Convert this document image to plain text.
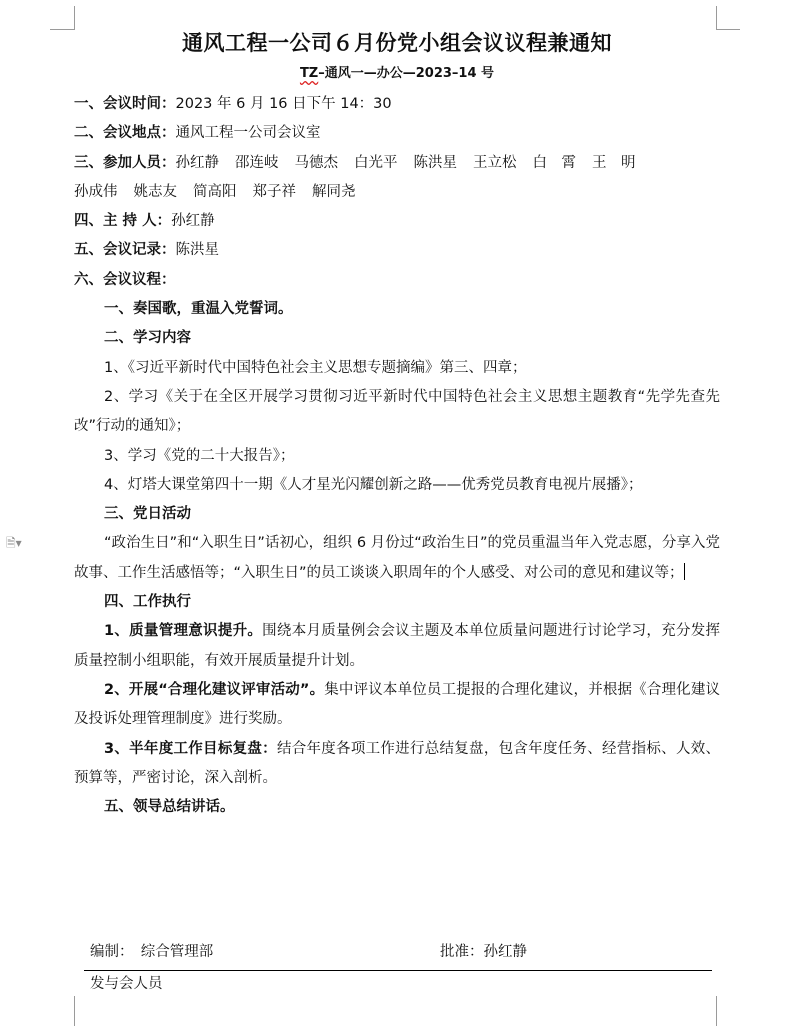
🗎▾
通风工程一公司６月份党小组会议议程兼通知
TZ–通风一—办公—2023–14 号
一、会议时间：2023 年 6 月 16 日下午 14：30
二、会议地点：通风工程一公司会议室
三、参加人员：孙红静 邵连岐 马德杰 白光平 陈洪星 王立松 白　霄 王　明
孙成伟 姚志友 简高阳 郑子祥 解同尧
四、主 持 人：孙红静
五、会议记录：陈洪星
六、会议议程：
一、奏国歌，重温入党誓词。
二、学习内容
1、《习近平新时代中国特色社会主义思想专题摘编》第三、四章；
2、学习《关于在全区开展学习贯彻习近平新时代中国特色社会主义思想主题教育“先学先查先改”行动的通知》；
3、学习《党的二十大报告》；
4、灯塔大课堂第四十一期《人才星光闪耀创新之路——优秀党员教育电视片展播》；
三、党日活动
“政治生日”和“入职生日”话初心，组织 6 月份过“政治生日”的党员重温当年入党志愿，分享入党故事、工作生活感悟等；“入职生日”的员工谈谈入职周年的个人感受、对公司的意见和建议等；
四、工作执行
1、质量管理意识提升。围绕本月质量例会会议主题及本单位质量问题进行讨论学习，充分发挥质量控制小组职能，有效开展质量提升计划。
2、开展“合理化建议评审活动”。集中评议本单位员工提报的合理化建议，并根据《合理化建议及投诉处理管理制度》进行奖励。
3、半年度工作目标复盘：结合年度各项工作进行总结复盘，包含年度任务、经营指标、人效、预算等，严密讨论，深入剖析。
五、领导总结讲话。
编制：　综合管理部	批准：孙红静
发与会人员
